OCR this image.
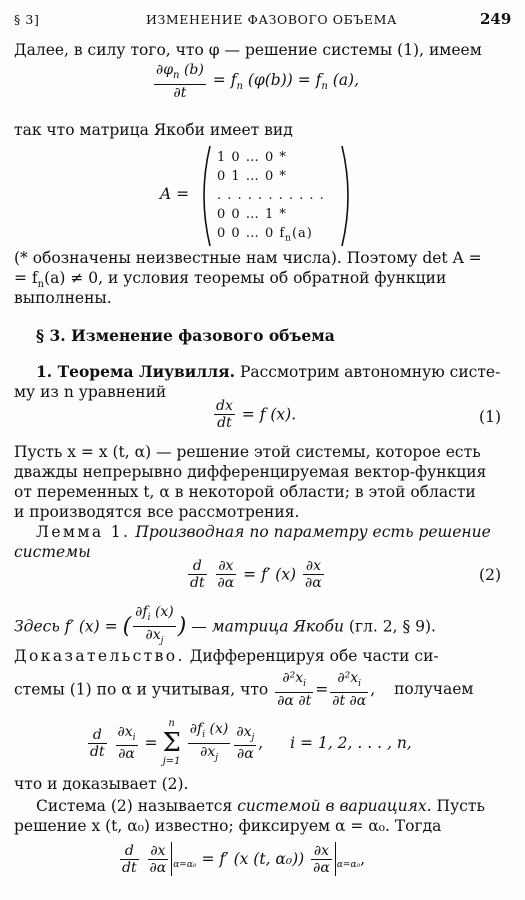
§ 3]	ИЗМЕНЕНИЕ ФАЗОВОГО ОБЪЕМА	249
Далее, в силу того, что φ — решение системы (1), имеем
$\frac{\partial\varphi_n (b)}{\partial t} = f_n$ $(\varphi(b)) = f_n$ (a),
так что матрица Якоби имеет вид
A =
1 0 … 0 *
0 1 … 0 *
. . . . . . . . . . .
0 0 … 1 *
0 0 … 0 $f_n(a)$
(* обозначены неизвестные нам числа). Поэтому det A =
= $f_n(a) \ne 0$, и условия теоремы об обратной функции
выполнены.
§ 3. Изменение фазового объема
1. Теорема Лиувилля. Рассмотрим автономную систе-
му из n уравнений
$\frac{dx}{dt} = f$ (x).	(1)
Пусть x = x (t, α) — решение этой системы, которое есть
дважды непрерывно дифференцируемая вектор-функция
от переменных t, α в некоторой области; в этой области
и производятся все рассмотрения.
Лемма 1. Производная по параметру есть решение
системы
$\frac{d}{dt}$
$\frac{\partial x}{\partial\alpha} = f'$ $(x) \frac{\partial x}{\partial\alpha}$	(2)
Здесь f′ (x) = ( $\frac{\partial f_i (x)}{\partial x_j}$ ) — матрица Якоби (гл. 2, § 9).
Доказательство. Дифференцируя обе части си-
стемы (1) по α и учитывая, что $\frac{\partial^2x_i}{\partial\alpha \partial t} = \frac{\partial^2x_i}{\partial t \partial\alpha}$ , получаем
$\frac{d}{dt}$
$\frac{\partial x_i}{\partial\alpha}$ =
n
Σ
j=1
$\frac{\partial f_i (x)}{\partial x_j} \frac{\partial x_j}{\partial\alpha}$ , i = 1, 2, . . . , n,
что и доказывает (2).
Система (2) называется системой в вариациях. Пусть
решение x (t, α₀) известно; фиксируем α = α₀. Тогда
$\frac{d}{dt}$
$\frac{\partial x}{\partial\alpha} _{\alpha=\alpha_0} = f'$ (x (t, $\alpha_0)) \frac{\partial x}{\partial\alpha} _{\alpha=\alpha_0}$,
